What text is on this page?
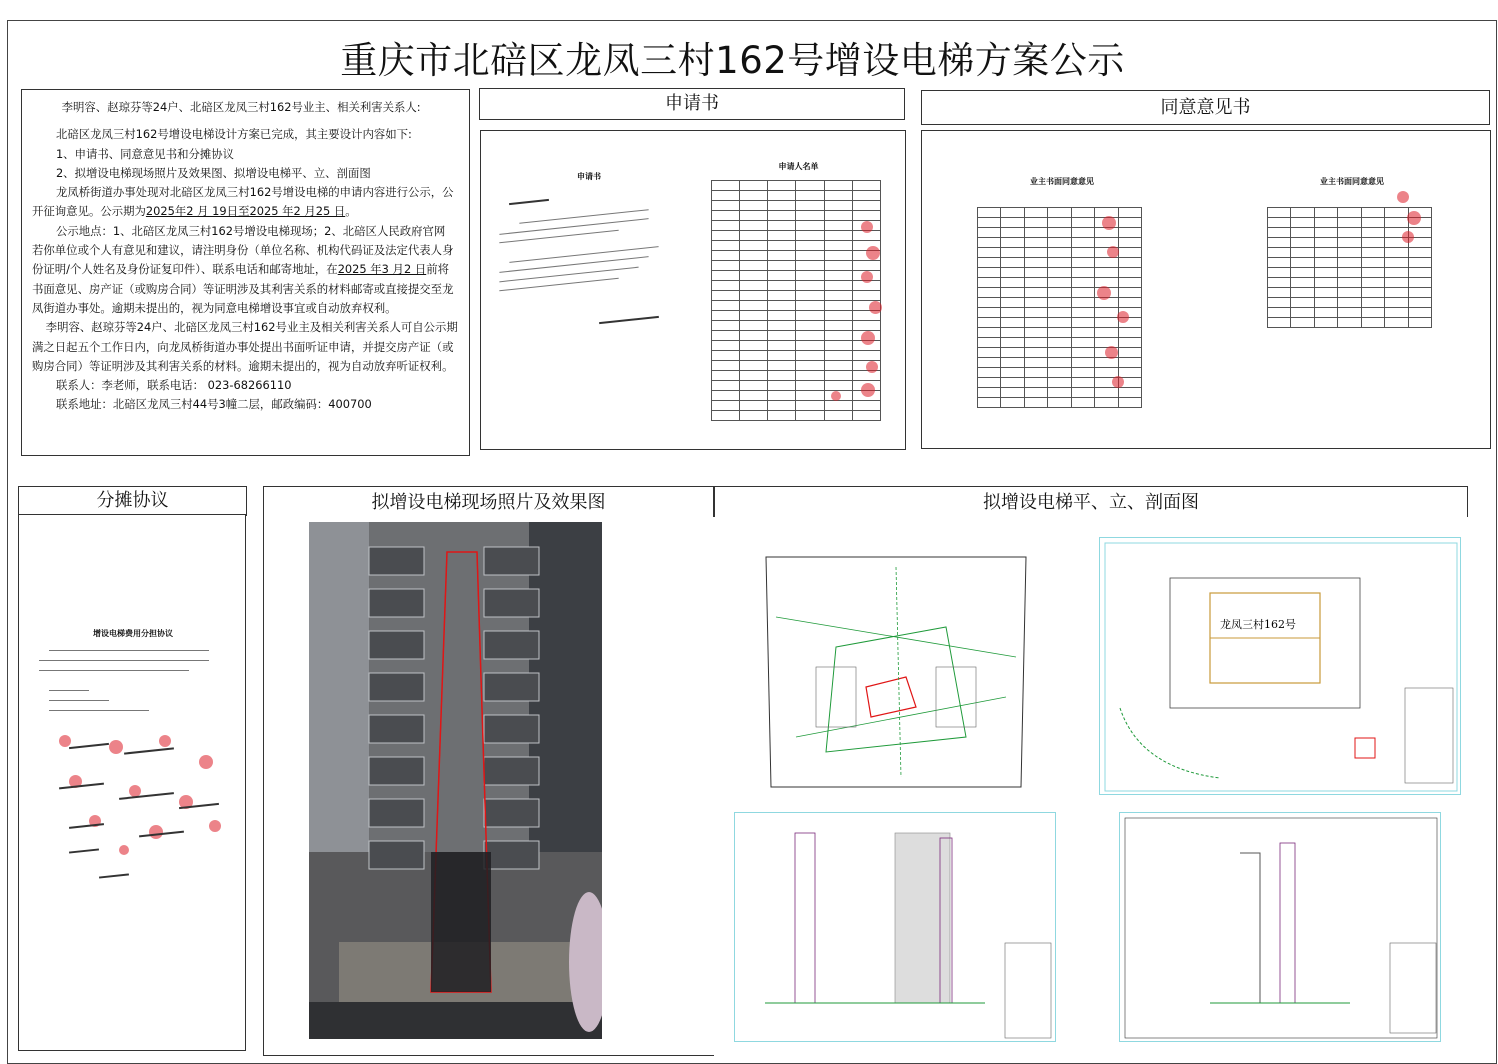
重庆市北碚区龙凤三村162号增设电梯方案公示

李明容、赵琼芬等24户、北碚区龙凤三村162号业主、相关利害关系人:

北碚区龙凤三村162号增设电梯设计方案已完成，其主要设计内容如下:

1、申请书、同意意见书和分摊协议

2、拟增设电梯现场照片及效果图、拟增设电梯平、立、剖面图

龙凤桥街道办事处现对北碚区龙凤三村162号增设电梯的申请内容进行公示，公开征询意见。公示期为2025年2 月 19日至2025 年2 月25 日。

公示地点：1、北碚区龙凤三村162号增设电梯现场；2、北碚区人民政府官网

若你单位或个人有意见和建议，请注明身份（单位名称、机构代码证及法定代表人身份证明/个人姓名及身份证复印件）、联系电话和邮寄地址，在2025 年3 月2 日前将书面意见、房产证（或购房合同）等证明涉及其利害关系的材料邮寄或直接提交至龙凤街道办事处。逾期未提出的，视为同意电梯增设事宜或自动放弃权利。

李明容、赵琼芬等24户、北碚区龙凤三村162号业主及相关利害关系人可自公示期满之日起五个工作日内，向龙凤桥街道办事处提出书面听证申请，并提交房产证（或购房合同）等证明涉及其利害关系的材料。逾期未提出的，视为自动放弃听证权利。

联系人：李老师，联系电话： 023-68266110

联系地址：北碚区龙凤三村44号3幢二层，邮政编码：400700

申请书
申请书
申请人名单

同意意见书
业主书面同意意见

							业主书面同意意见

分摊协议
增设电梯费用分担协议
拟增设电梯现场照片及效果图	拟增设电梯平、立、剖面图
龙凤三村162号
